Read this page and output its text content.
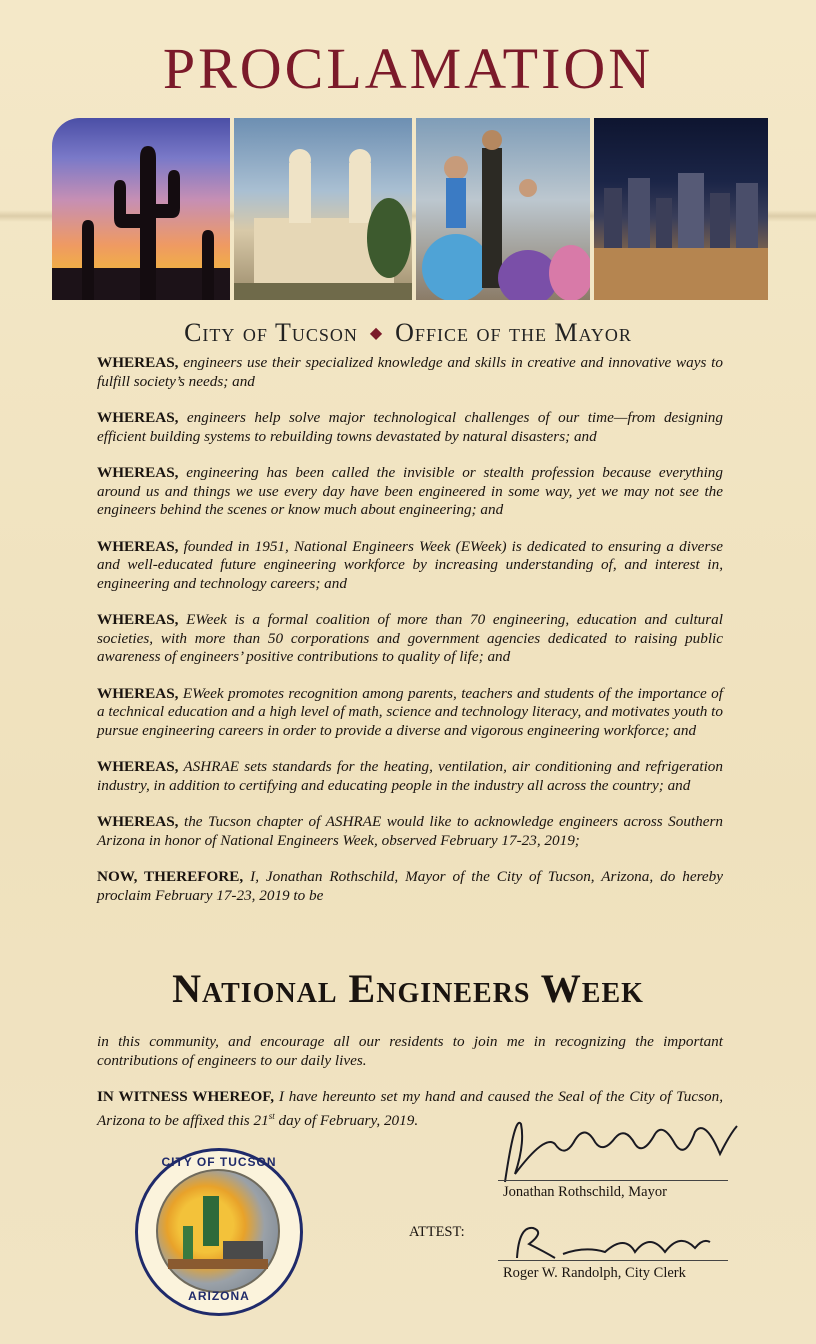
PROCLAMATION
City of Tucson ◆ Office of the Mayor

WHEREAS, engineers use their specialized knowledge and skills in creative and innovative ways to fulfill society’s needs; and

WHEREAS, engineers help solve major technological challenges of our time—from designing efficient building systems to rebuilding towns devastated by natural disasters; and

WHEREAS, engineering has been called the invisible or stealth profession because everything around us and things we use every day have been engineered in some way, yet we may not see the engineers behind the scenes or know much about engineering; and

WHEREAS, founded in 1951, National Engineers Week (EWeek) is dedicated to ensuring a diverse and well-educated future engineering workforce by increasing understanding of, and interest in, engineering and technology careers; and

WHEREAS, EWeek is a formal coalition of more than 70 engineering, education and cultural societies, with more than 50 corporations and government agencies dedicated to raising public awareness of engineers’ positive contributions to quality of life; and

WHEREAS, EWeek promotes recognition among parents, teachers and students of the importance of a technical education and a high level of math, science and technology literacy, and motivates youth to pursue engineering careers in order to provide a diverse and vigorous engineering workforce; and

WHEREAS, ASHRAE sets standards for the heating, ventilation, air conditioning and refrigeration industry, in addition to certifying and educating people in the industry all across the country; and

WHEREAS, the Tucson chapter of ASHRAE would like to acknowledge engineers across Southern Arizona in honor of National Engineers Week, observed February 17-23, 2019;

NOW, THEREFORE, I, Jonathan Rothschild, Mayor of the City of Tucson, Arizona, do hereby proclaim February 17-23, 2019 to be

National Engineers Week

in this community, and encourage all our residents to join me in recognizing the important contributions of engineers to our daily lives.

IN WITNESS WHEREOF, I have hereunto set my hand and caused the Seal of the City of Tucson, Arizona to be affixed this 21st day of February, 2019.

CITY OF TUCSON
ARIZONA
Jonathan Rothschild, Mayor
ATTEST:
Roger W. Randolph, City Clerk
